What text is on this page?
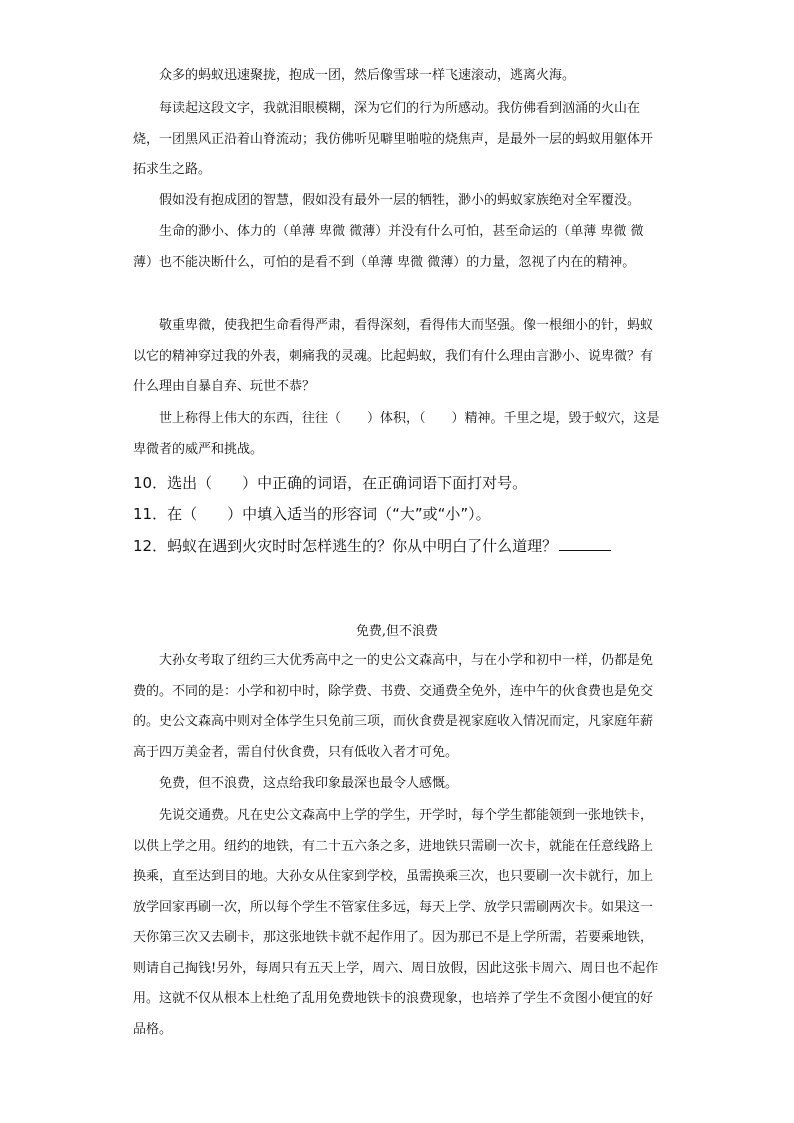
众多的蚂蚁迅速聚拢，抱成一团，然后像雪球一样飞速滚动，逃离火海。

每读起这段文字，我就泪眼模糊，深为它们的行为所感动。我仿佛看到汹涌的火山在烧，一团黑风正沿着山脊流动；我仿佛听见噼里啪啦的烧焦声，是最外一层的蚂蚁用躯体开拓求生之路。

假如没有抱成团的智慧，假如没有最外一层的牺牲，渺小的蚂蚁家族绝对全军覆没。

生命的渺小、体力的（单薄 卑微 微薄）并没有什么可怕，甚至命运的（单薄 卑微 微薄）也不能决断什么，可怕的是看不到（单薄 卑微 微薄）的力量，忽视了内在的精神。

敬重卑微，使我把生命看得严肃，看得深刻，看得伟大而坚强。像一根细小的针，蚂蚁以它的精神穿过我的外表，刺痛我的灵魂。比起蚂蚁，我们有什么理由言渺小、说卑微？有什么理由自暴自弃、玩世不恭？

世上称得上伟大的东西，往往（　　）体积，（　　）精神。千里之堤，毁于蚁穴，这是卑微者的威严和挑战。

10．选出（　　）中正确的词语，在正确词语下面打对号。

11．在（　　）中填入适当的形容词（“大”或“小”）。

12．蚂蚁在遇到火灾时时怎样逃生的？你从中明白了什么道理？

免费,但不浪费

大孙女考取了纽约三大优秀高中之一的史公文森高中，与在小学和初中一样，仍都是免费的。不同的是：小学和初中时，除学费、书费、交通费全免外，连中午的伙食费也是免交的。史公文森高中则对全体学生只免前三项，而伙食费是视家庭收入情况而定，凡家庭年薪高于四万美金者，需自付伙食费，只有低收入者才可免。

免费，但不浪费，这点给我印象最深也最令人感慨。

先说交通费。凡在史公文森高中上学的学生，开学时，每个学生都能领到一张地铁卡，以供上学之用。纽约的地铁，有二十五六条之多，进地铁只需刷一次卡，就能在任意线路上换乘，直至达到目的地。大孙女从住家到学校，虽需换乘三次，也只要刷一次卡就行，加上放学回家再刷一次，所以每个学生不管家住多远，每天上学、放学只需刷两次卡。如果这一天你第三次又去刷卡，那这张地铁卡就不起作用了。因为那已不是上学所需，若要乘地铁，则请自己掏钱!另外，每周只有五天上学，周六、周日放假，因此这张卡周六、周日也不起作用。这就不仅从根本上杜绝了乱用免费地铁卡的浪费现象，也培养了学生不贪图小便宜的好品格。
